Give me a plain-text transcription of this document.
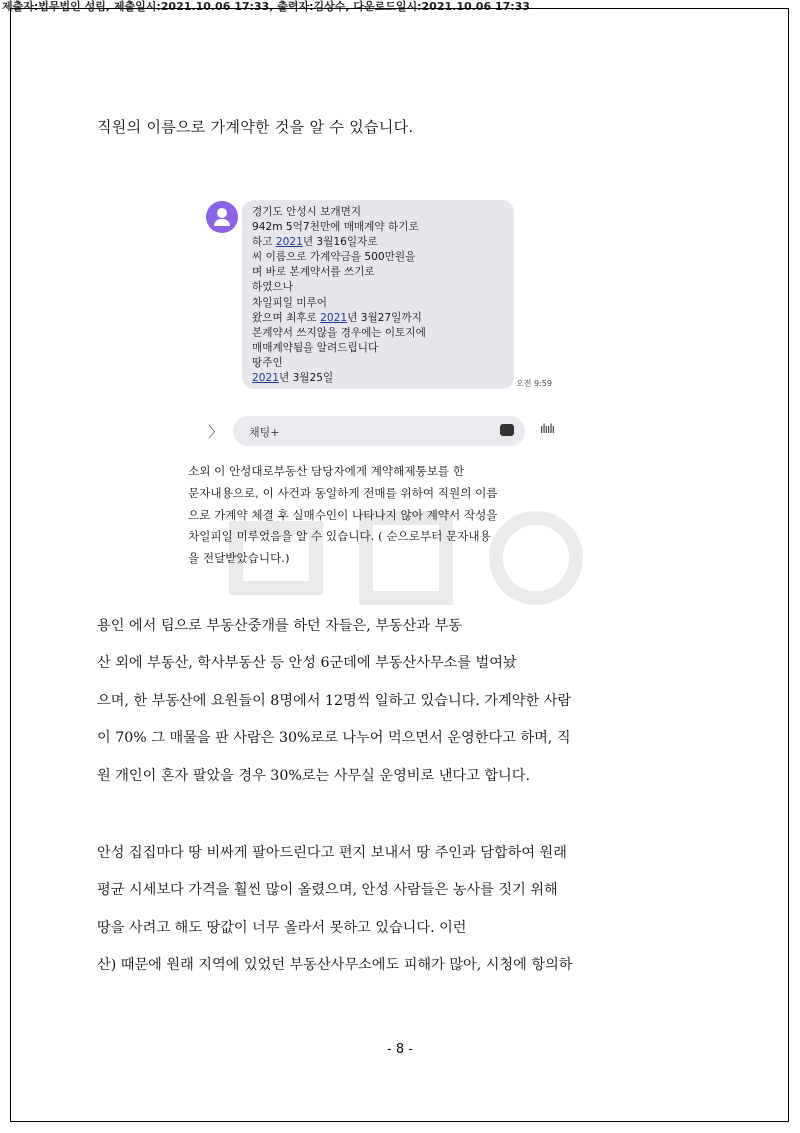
제출자:법무법인 성림, 제출일시:2021.10.06 17:33, 출력자:김상수, 다운로드일시:2021.10.06 17:33
직원의 이름으로 가계약한 것을 알 수 있습니다.
경기도 안성시 보개면지
942m 5억7천만에 매매계약 하기로
하고 2021년 3월16일자로
씨 이름으로 가계약금을 500만원을
며 바로 본계약서를 쓰기로
하였으나
차일피일 미루어
왔으며 최후로 2021년 3월27일까지
본계약서 쓰지않을 경우에는 이토지에
매매계약됨을 알려드립니다
땅주인
2021년 3월25일	오전 9:59
〉 채팅+	ılıılı
소외 이 안성대로부동산 담당자에게 계약해제통보를 한
문자내용으로, 이 사건과 동일하게 전매를 위하여 직원의 이름
으로 가계약 체결 후 실매수인이 나타나지 않아 계약서 작성을
차일피일 미루었음을 알 수 있습니다. ( 순으로부터 문자내용
을 전달받았습니다.)
용인 에서 팀으로 부동산중개를 하던 자들은, 부동산과 부동
산 외에 부동산, 학사부동산 등 안성 6군데에 부동산사무소를 벌여놨
으며, 한 부동산에 요원들이 8명에서 12명씩 일하고 있습니다. 가계약한 사람
이 70% 그 매물을 판 사람은 30%로로 나누어 먹으면서 운영한다고 하며, 직
원 개인이 혼자 팔았을 경우 30%로는 사무실 운영비로 낸다고 합니다.
안성 집집마다 땅 비싸게 팔아드린다고 편지 보내서 땅 주인과 담합하여 원래
평균 시세보다 가격을 훨씬 많이 올렸으며, 안성 사람들은 농사를 짓기 위해
땅을 사려고 해도 땅값이 너무 올라서 못하고 있습니다. 이런
산) 때문에 원래 지역에 있었던 부동산사무소에도 피해가 많아, 시청에 항의하
- 8 -
